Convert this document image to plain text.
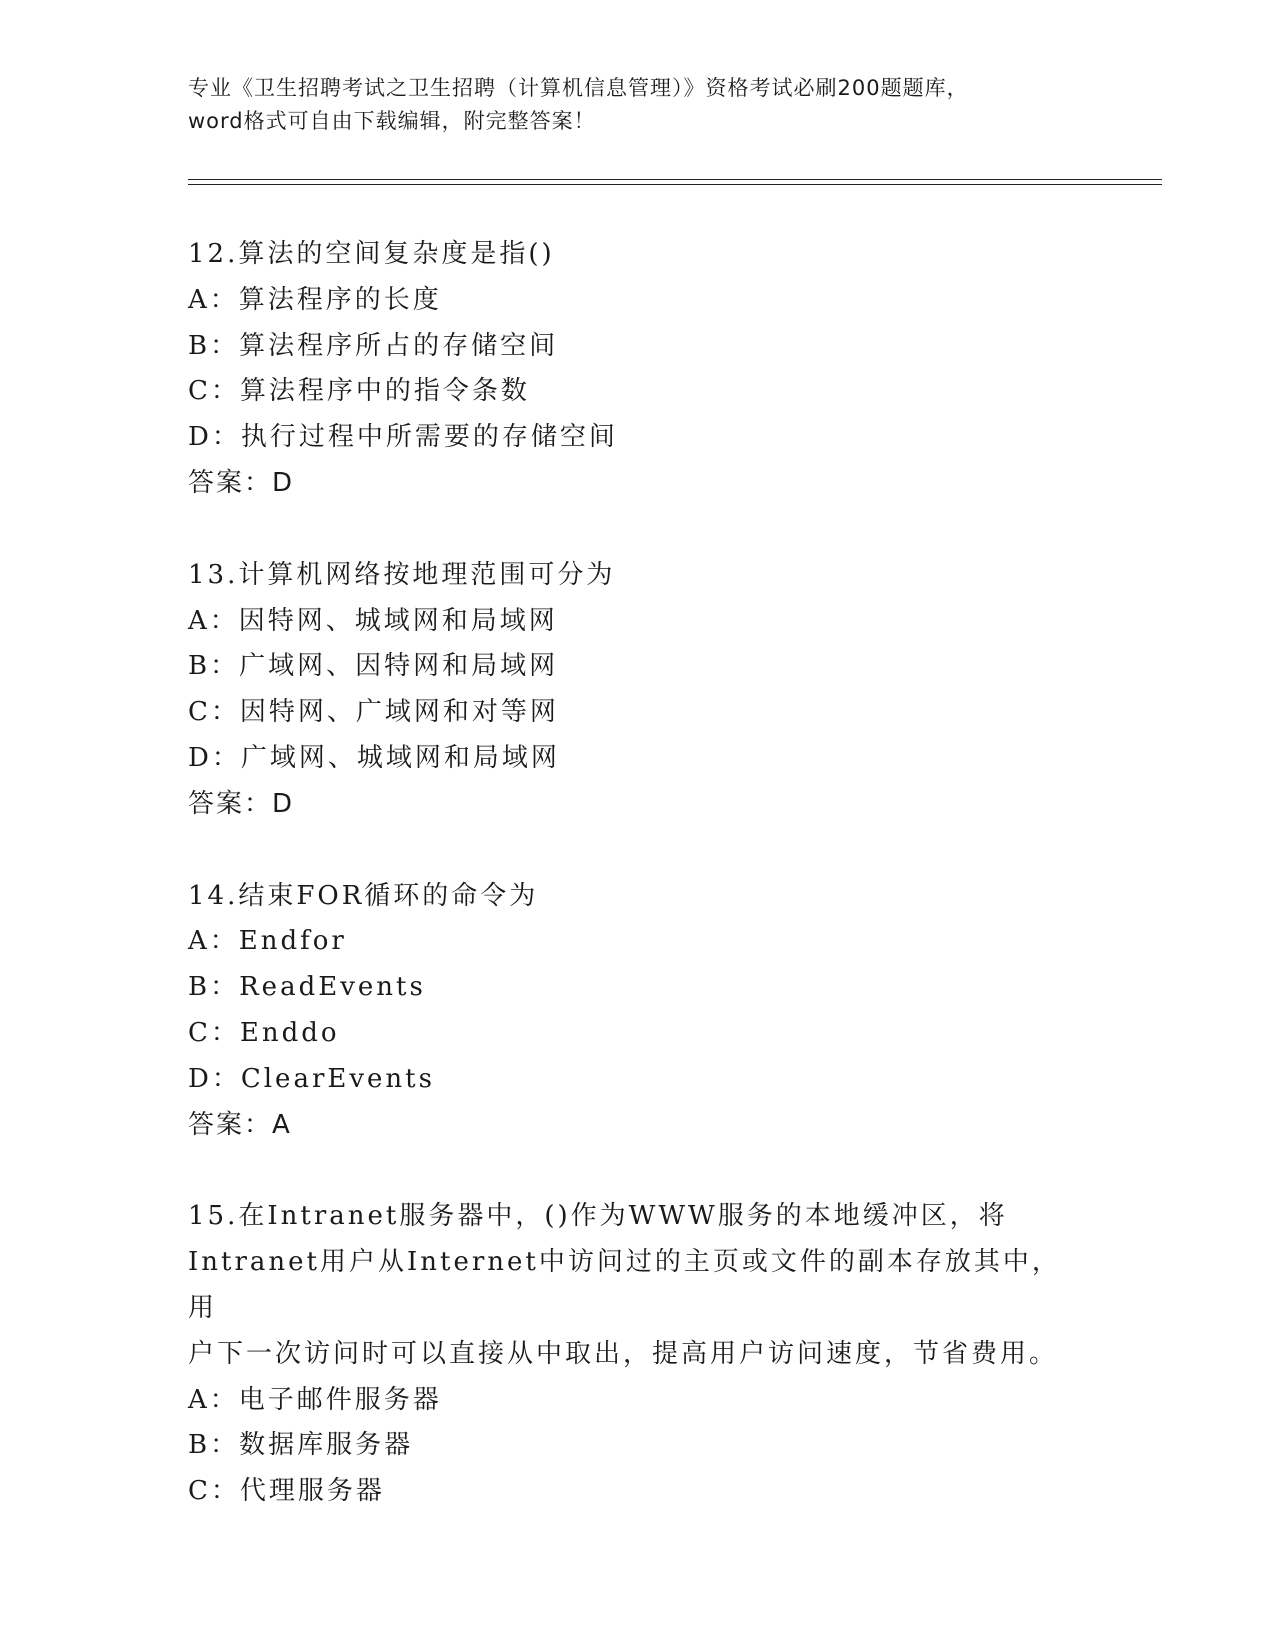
专业《卫生招聘考试之卫生招聘（计算机信息管理）》资格考试必刷200题题库，
word格式可自由下载编辑，附完整答案！
12.算法的空间复杂度是指()
A：算法程序的长度
B：算法程序所占的存储空间
C：算法程序中的指令条数
D：执行过程中所需要的存储空间
答案：D
13.计算机网络按地理范围可分为
A：因特网、城域网和局域网
B：广域网、因特网和局域网
C：因特网、广域网和对等网
D：广域网、城域网和局域网
答案：D
14.结束FOR循环的命令为
A：Endfor
B：ReadEvents
C：Enddo
D：ClearEvents
答案：A
15.在Intranet服务器中，()作为WWW服务的本地缓冲区，将
Intranet用户从Internet中访问过的主页或文件的副本存放其中，用
户下一次访问时可以直接从中取出，提高用户访问速度，节省费用。
A：电子邮件服务器
B：数据库服务器
C：代理服务器
